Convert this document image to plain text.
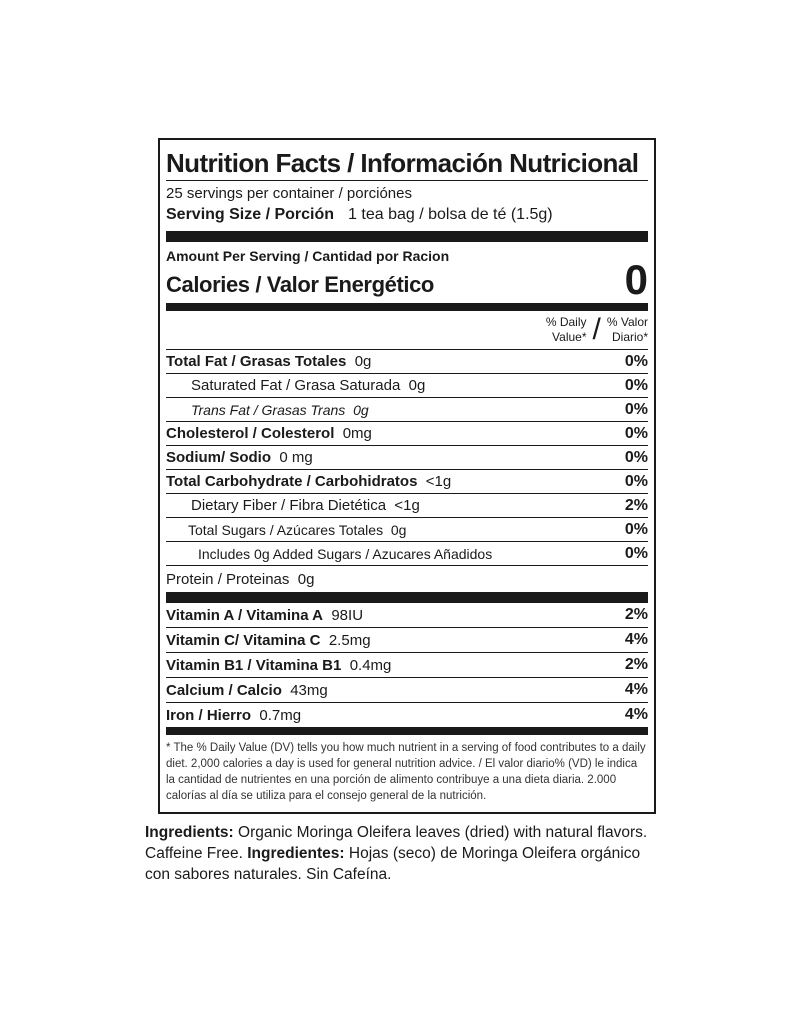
Nutrition Facts / Información Nutricional
25 servings per container / porciónes
Serving Size / Porción 1 tea bag / bolsa de té (1.5g)
Amount Per Serving / Cantidad por Racion
Calories / Valor Energético	0
% Daily
Value* / % Valor
Diario*
Total Fat / Grasas Totales 0g	0%
Saturated Fat / Grasa Saturada 0g	0%
Trans Fat / Grasas Trans 0g	0%
Cholesterol / Colesterol 0mg	0%
Sodium/ Sodio 0 mg	0%
Total Carbohydrate / Carbohidratos <1g	0%
Dietary Fiber / Fibra Dietética <1g	2%
Total Sugars / Azúcares Totales 0g	0%
Includes 0g Added Sugars / Azucares Añadidos	0%
Protein / Proteinas 0g
Vitamin A / Vitamina A 98IU	2%
Vitamin C/ Vitamina C 2.5mg	4%
Vitamin B1 / Vitamina B1 0.4mg	2%
Calcium / Calcio 43mg	4%
Iron / Hierro 0.7mg	4%
* The % Daily Value (DV) tells you how much nutrient in a serving of food contributes to a daily diet. 2,000 calories a day is used for general nutrition advice. / El valor diario% (VD) le indica la cantidad de nutrientes en una porción de alimento contribuye a una dieta diaria. 2.000 calorías al día se utiliza para el consejo general de la nutrición.
Ingredients: Organic Moringa Oleifera leaves (dried) with natural flavors. Caffeine Free. Ingredientes: Hojas (seco) de Moringa Oleifera orgánico con sabores naturales. Sin Cafeína.
